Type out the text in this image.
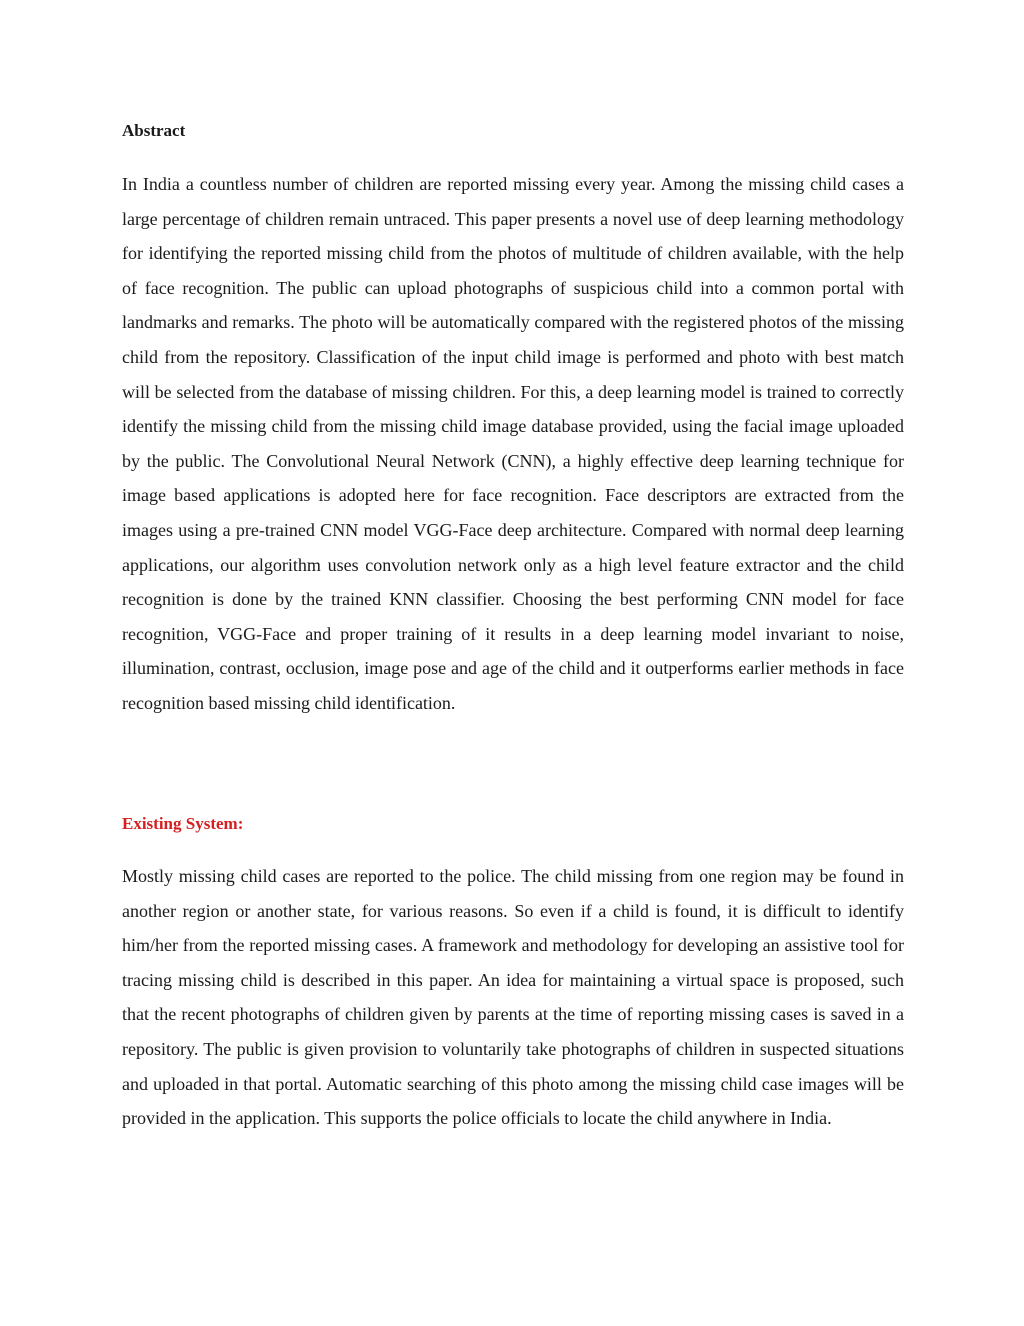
Abstract

In India a countless number of children are reported missing every year. Among the missing child cases a large percentage of children remain untraced. This paper presents a novel use of deep learning methodology for identifying the reported missing child from the photos of multitude of children available, with the help of face recognition. The public can upload photographs of suspicious child into a common portal with landmarks and remarks. The photo will be automatically compared with the registered photos of the missing child from the repository. Classification of the input child image is performed and photo with best match will be selected from the database of missing children. For this, a deep learning model is trained to correctly identify the missing child from the missing child image database provided, using the facial image uploaded by the public. The Convolutional Neural Network (CNN), a highly effective deep learning technique for image based applications is adopted here for face recognition. Face descriptors are extracted from the images using a pre-trained CNN model VGG-Face deep architecture. Compared with normal deep learning applications, our algorithm uses convolution network only as a high level feature extractor and the child recognition is done by the trained KNN classifier. Choosing the best performing CNN model for face recognition, VGG-Face and proper training of it results in a deep learning model invariant to noise, illumination, contrast, occlusion, image pose and age of the child and it outperforms earlier methods in face recognition based missing child identification.

Existing System:

Mostly missing child cases are reported to the police. The child missing from one region may be found in another region or another state, for various reasons. So even if a child is found, it is difficult to identify him/her from the reported missing cases. A framework and methodology for developing an assistive tool for tracing missing child is described in this paper. An idea for maintaining a virtual space is proposed, such that the recent photographs of children given by parents at the time of reporting missing cases is saved in a repository. The public is given provision to voluntarily take photographs of children in suspected situations and uploaded in that portal. Automatic searching of this photo among the missing child case images will be provided in the application. This supports the police officials to locate the child anywhere in India.
